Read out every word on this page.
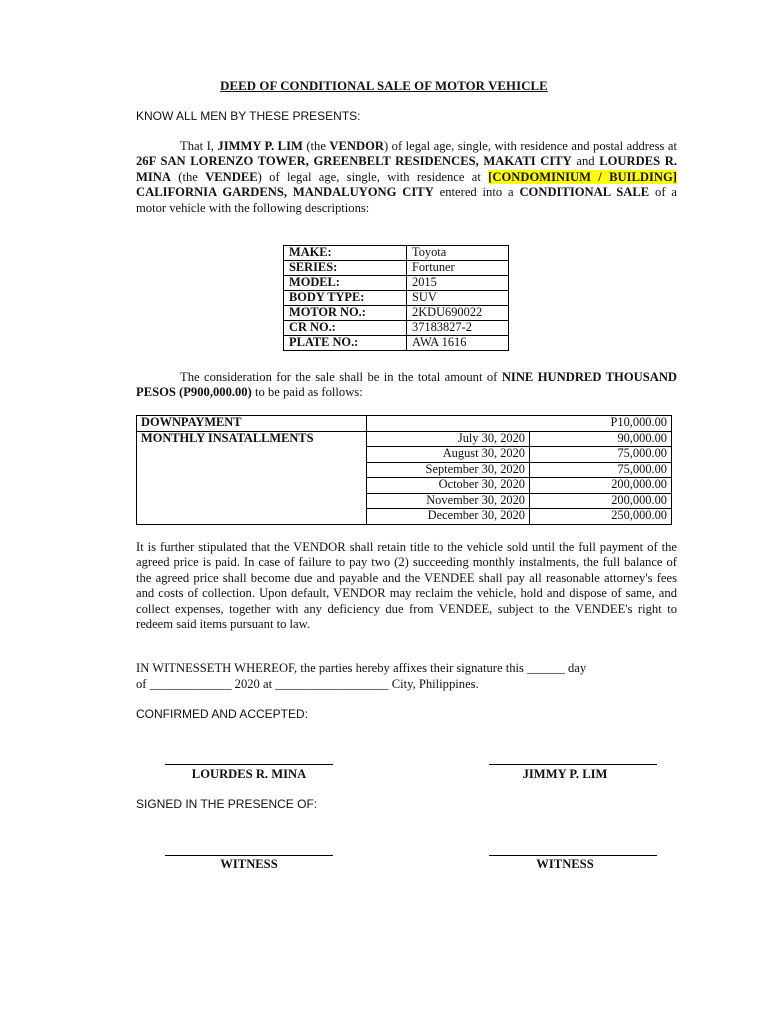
DEED OF CONDITIONAL SALE OF MOTOR VEHICLE
KNOW ALL MEN BY THESE PRESENTS:
That I, JIMMY P. LIM (the VENDOR) of legal age, single, with residence and postal address at 26F SAN LORENZO TOWER, GREENBELT RESIDENCES, MAKATI CITY and LOURDES R. MINA (the VENDEE) of legal age, single, with residence at [CONDOMINIUM / BUILDING] CALIFORNIA GARDENS, MANDALUYONG CITY entered into a CONDITIONAL SALE of a motor vehicle with the following descriptions:
MAKE:	Toyota
SERIES:	Fortuner
MODEL:	2015
BODY TYPE:	SUV
MOTOR NO.:	2KDU690022
CR NO.:	37183827-2
PLATE NO.:	AWA 1616
The consideration for the sale shall be in the total amount of NINE HUNDRED THOUSAND PESOS (P900,000.00) to be paid as follows:
DOWNPAYMENT	P10,000.00	
MONTHLY INSATALLMENTS	July 30, 2020	90,000.00
	August 30, 2020	75,000.00
	September 30, 2020	75,000.00
	October 30, 2020	200,000.00
	November 30, 2020	200,000.00
	December 30, 2020	250,000.00
It is further stipulated that the VENDOR shall retain title to the vehicle sold until the full payment of the agreed price is paid. In case of failure to pay two (2) succeeding monthly instalments, the full balance of the agreed price shall become due and payable and the VENDEE shall pay all reasonable attorney's fees and costs of collection. Upon default, VENDOR may reclaim the vehicle, hold and dispose of same, and collect expenses, together with any deficiency due from VENDEE, subject to the VENDEE's right to redeem said items pursuant to law.
IN WITNESSETH WHEREOF, the parties hereby affixes their signature this ______ day
of _____________ 2020 at __________________ City, Philippines.
CONFIRMED AND ACCEPTED:
LOURDES R. MINA	JIMMY P. LIM
SIGNED IN THE PRESENCE OF:
WITNESS	WITNESS
